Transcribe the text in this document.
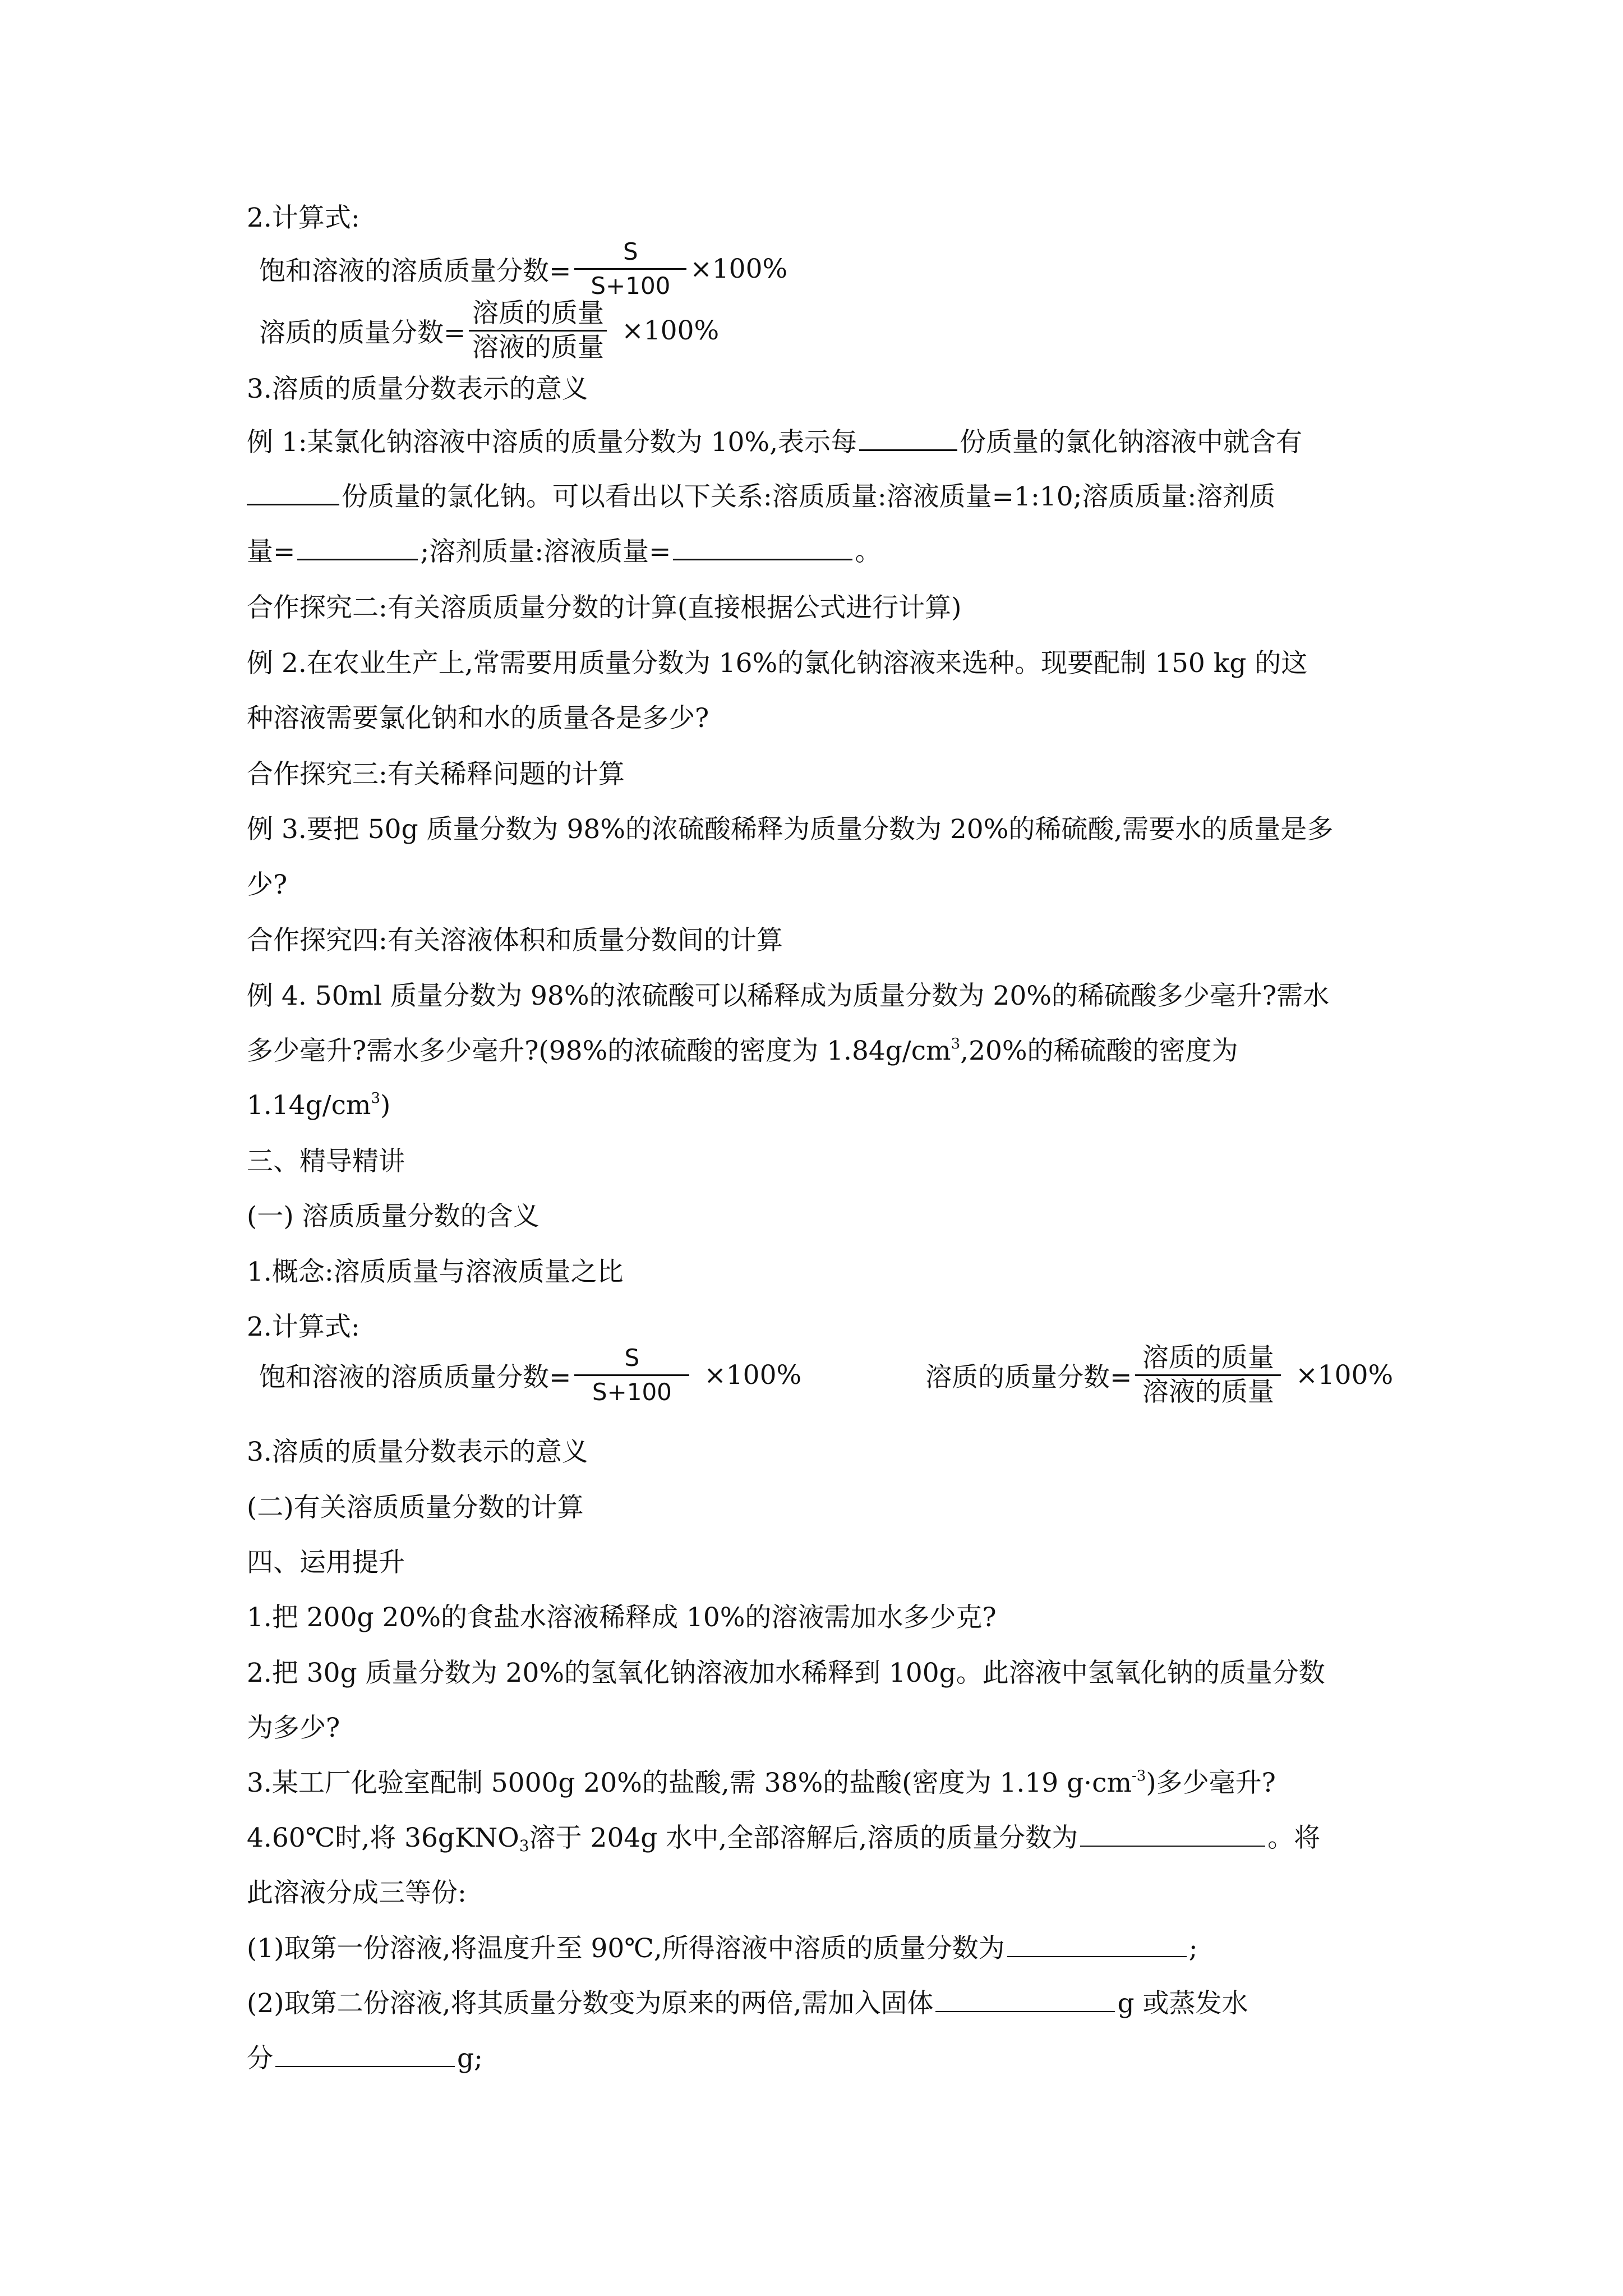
2.计算式:
饱和溶液的溶质质量分数= $\frac{S}{S+100} \times 100\%$
溶质的质量分数= $\frac{\text{溶质的质量}}{\text{溶液的质量}} \times 100\%$
3.溶质的质量分数表示的意义
例 1:某氯化钠溶液中溶质的质量分数为 10%,表示每	份质量的氯化钠溶液中就含有
份质量的氯化钠。可以看出以下关系:溶质质量:溶液质量=1:10;溶质质量:溶剂质
量=	;溶剂质量:溶液质量=	。
合作探究二:有关溶质质量分数的计算(直接根据公式进行计算)
例 2.在农业生产上,常需要用质量分数为 16%的氯化钠溶液来选种。现要配制 150 kg 的这
种溶液需要氯化钠和水的质量各是多少?
合作探究三:有关稀释问题的计算
例 3.要把 50g 质量分数为 98%的浓硫酸稀释为质量分数为 20%的稀硫酸,需要水的质量是多
少?
合作探究四:有关溶液体积和质量分数间的计算
例 4. 50ml 质量分数为 98%的浓硫酸可以稀释成为质量分数为 20%的稀硫酸多少毫升?需水
多少毫升?需水多少毫升?(98%的浓硫酸的密度为 $1.84g/cm^3,20\%$的稀硫酸的密度为
$1.14g/cm^3$)
三、精导精讲
(一) 溶质质量分数的含义
1.概念:溶质质量与溶液质量之比
2.计算式:
饱和溶液的溶质质量分数= $\frac{S}{S+100} \times 100\%$	溶质的质量分数= $\frac{\text{溶质的质量}}{\text{溶液的质量}} \times 100\%$
3.溶质的质量分数表示的意义
(二)有关溶质质量分数的计算
四、运用提升
1.把 200g 20%的食盐水溶液稀释成 10%的溶液需加水多少克?
2.把 30g 质量分数为 20%的氢氧化钠溶液加水稀释到 100g。此溶液中氢氧化钠的质量分数
为多少?
3.某工厂化验室配制 5000g 20%的盐酸,需 38%的盐酸(密度为 1.19 $g\cdot cm^{-3}$)多少毫升?
4.60℃时,将 36gKNO$_3$溶于 204g 水中,全部溶解后,溶质的质量分数为	。将
此溶液分成三等份:
(1)取第一份溶液,将温度升至 90℃,所得溶液中溶质的质量分数为	;
(2)取第二份溶液,将其质量分数变为原来的两倍,需加入固体	g 或蒸发水
分	g;
